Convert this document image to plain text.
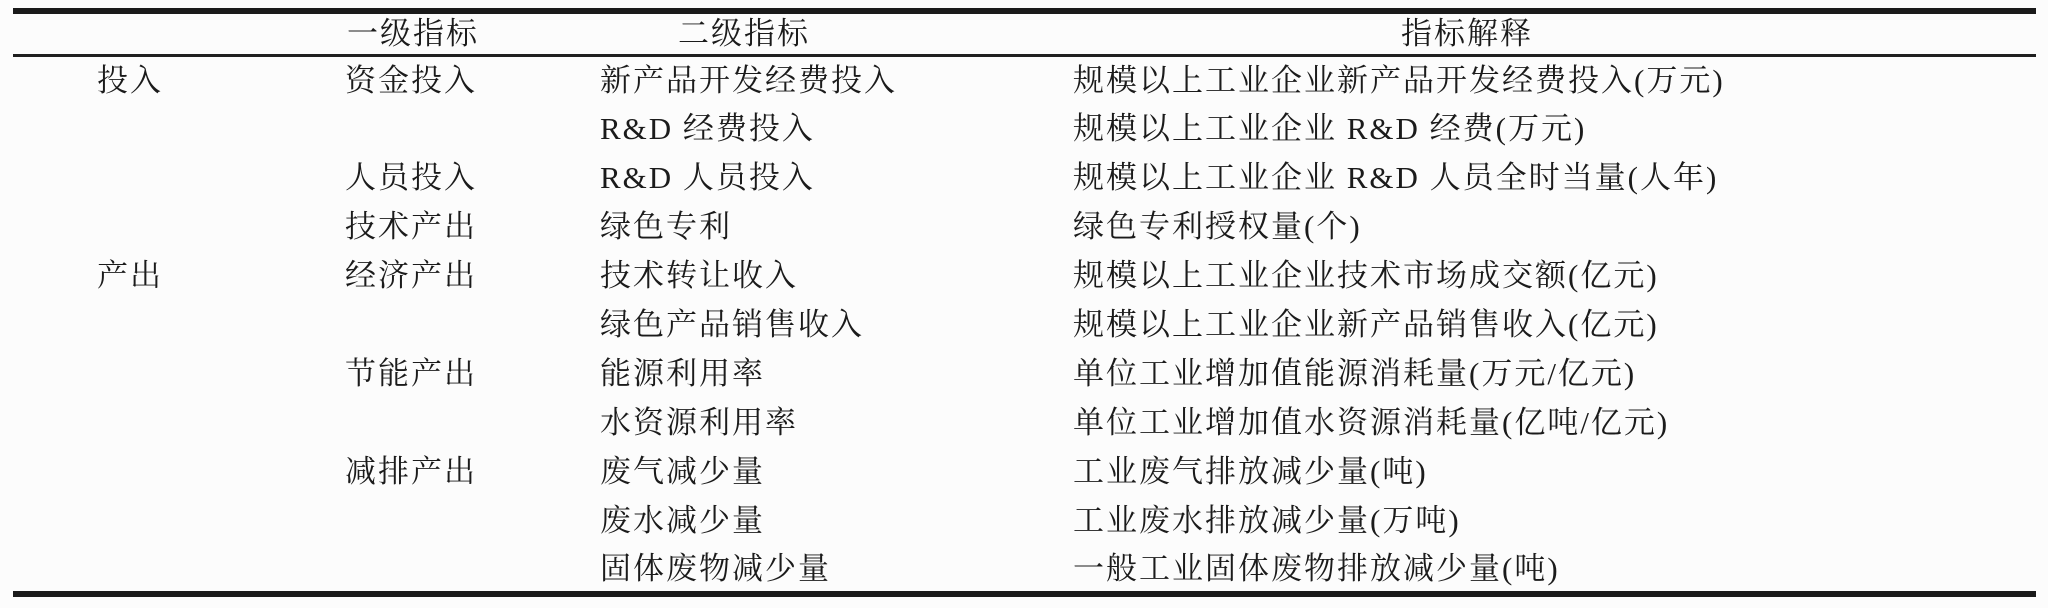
	一级指标	二级指标	指标解释
投入	资金投入	新产品开发经费投入	规模以上工业企业新产品开发经费投入(万元)
		R&D 经费投入	规模以上工业企业 R&D 经费(万元)
	人员投入	R&D 人员投入	规模以上工业企业 R&D 人员全时当量(人年)
	技术产出	绿色专利	绿色专利授权量(个)
产出	经济产出	技术转让收入	规模以上工业企业技术市场成交额(亿元)
		绿色产品销售收入	规模以上工业企业新产品销售收入(亿元)
	节能产出	能源利用率	单位工业增加值能源消耗量(万元/亿元)
		水资源利用率	单位工业增加值水资源消耗量(亿吨/亿元)
	减排产出	废气减少量	工业废气排放减少量(吨)
		废水减少量	工业废水排放减少量(万吨)
		固体废物减少量	一般工业固体废物排放减少量(吨)
